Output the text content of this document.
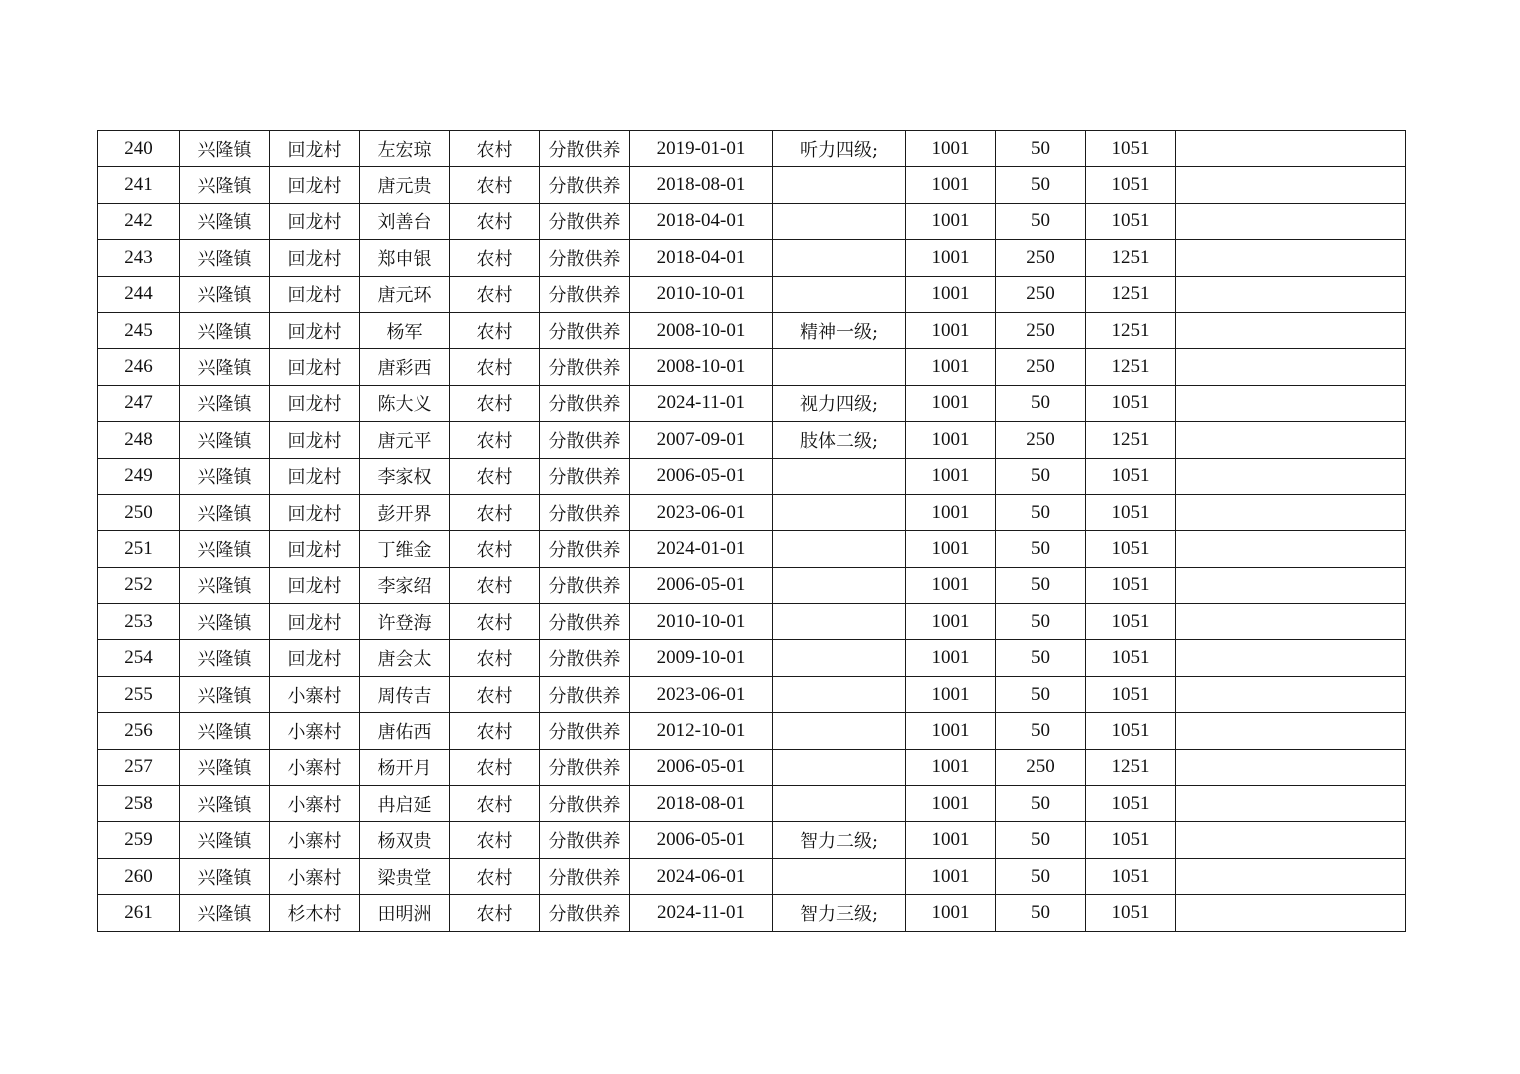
240	兴隆镇	回龙村	左宏琼	农村	分散供养	2019-01-01	听力四级;	1001	50	1051	
241	兴隆镇	回龙村	唐元贵	农村	分散供养	2018-08-01		1001	50	1051	
242	兴隆镇	回龙村	刘善台	农村	分散供养	2018-04-01		1001	50	1051	
243	兴隆镇	回龙村	郑申银	农村	分散供养	2018-04-01		1001	250	1251	
244	兴隆镇	回龙村	唐元环	农村	分散供养	2010-10-01		1001	250	1251	
245	兴隆镇	回龙村	杨军	农村	分散供养	2008-10-01	精神一级;	1001	250	1251	
246	兴隆镇	回龙村	唐彩西	农村	分散供养	2008-10-01		1001	250	1251	
247	兴隆镇	回龙村	陈大义	农村	分散供养	2024-11-01	视力四级;	1001	50	1051	
248	兴隆镇	回龙村	唐元平	农村	分散供养	2007-09-01	肢体二级;	1001	250	1251	
249	兴隆镇	回龙村	李家权	农村	分散供养	2006-05-01		1001	50	1051	
250	兴隆镇	回龙村	彭开界	农村	分散供养	2023-06-01		1001	50	1051	
251	兴隆镇	回龙村	丁维金	农村	分散供养	2024-01-01		1001	50	1051	
252	兴隆镇	回龙村	李家绍	农村	分散供养	2006-05-01		1001	50	1051	
253	兴隆镇	回龙村	许登海	农村	分散供养	2010-10-01		1001	50	1051	
254	兴隆镇	回龙村	唐会太	农村	分散供养	2009-10-01		1001	50	1051	
255	兴隆镇	小寨村	周传吉	农村	分散供养	2023-06-01		1001	50	1051	
256	兴隆镇	小寨村	唐佑西	农村	分散供养	2012-10-01		1001	50	1051	
257	兴隆镇	小寨村	杨开月	农村	分散供养	2006-05-01		1001	250	1251	
258	兴隆镇	小寨村	冉启延	农村	分散供养	2018-08-01		1001	50	1051	
259	兴隆镇	小寨村	杨双贵	农村	分散供养	2006-05-01	智力二级;	1001	50	1051	
260	兴隆镇	小寨村	梁贵堂	农村	分散供养	2024-06-01		1001	50	1051	
261	兴隆镇	杉木村	田明洲	农村	分散供养	2024-11-01	智力三级;	1001	50	1051	
